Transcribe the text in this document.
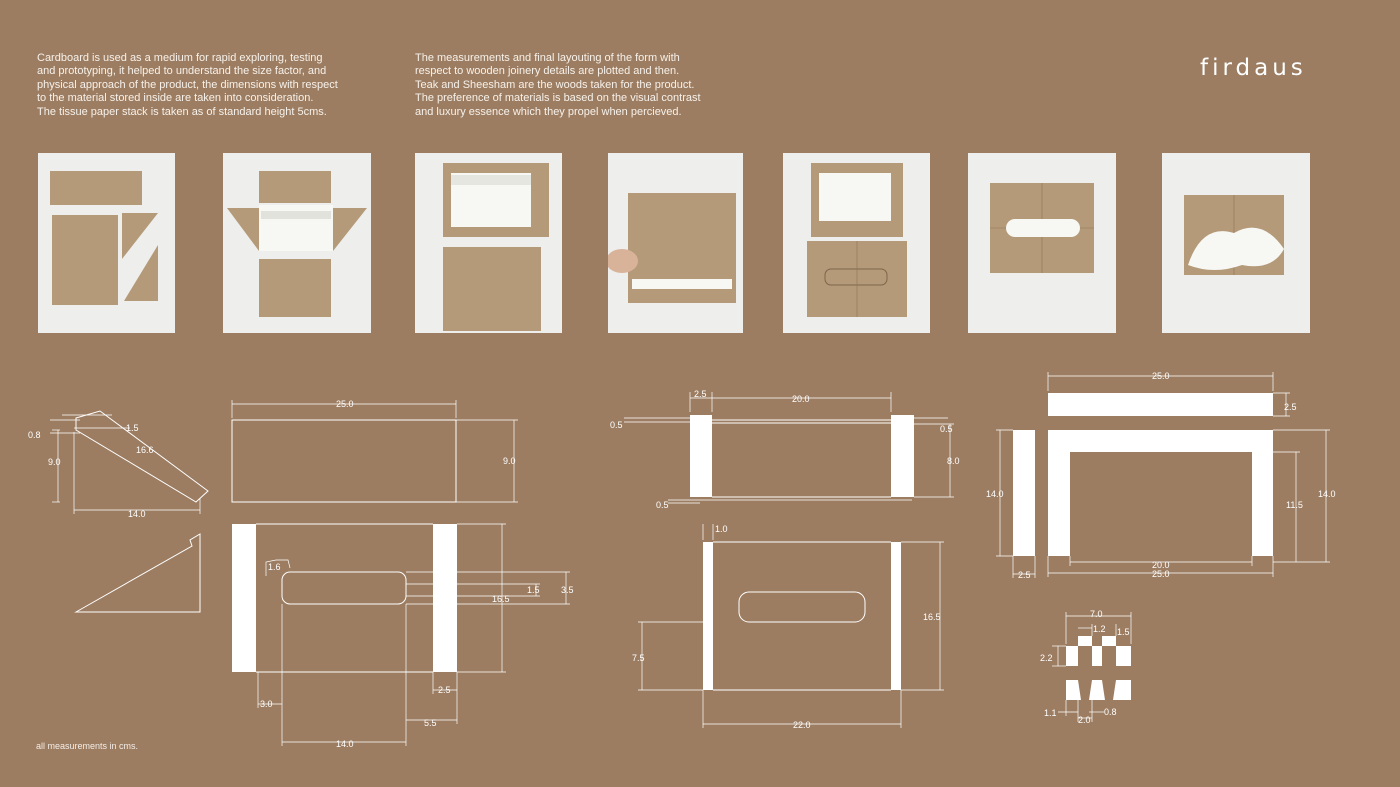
Cardboard is used as a medium for rapid exploring, testing
and prototyping, it helped to understand the size factor, and
physical approach of the product, the dimensions with respect
to the material stored inside are taken into consideration.
The tissue paper stack is taken as of standard height 5cms.
The measurements and final layouting of the form with
respect to wooden joinery details are plotted and then.
Teak and Sheesham are the woods taken for the product.
The preference of materials is based on the visual contrast
and luxury essence which they propel when percieved.
firdaus
0.8
1.5
16.6
9.0
14.0
25.0
9.0
1.6
1.5 3.5
16.5
3.0
2.5
5.5
14.0
2.5	20.0
0.5	0.5
8.0
0.5
1.0
16.5
7.5
22.0
25.0
2.5
14.0
11.5
14.0
20.0
25.0
2.5
7.0
1.2 1.5
2.2
1.1
2.0
0.8
all measurements in cms.
